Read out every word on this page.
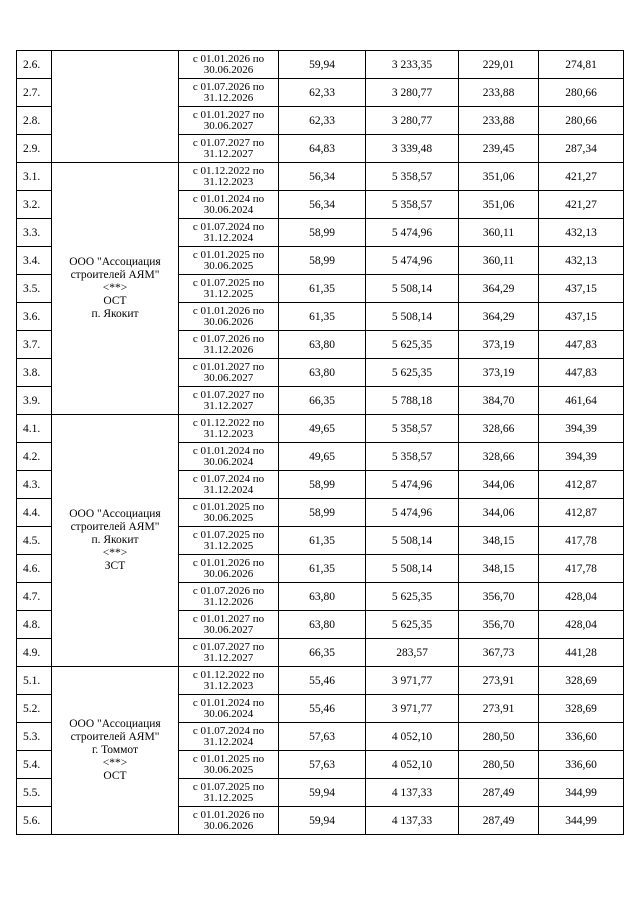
2.6.		с 01.01.2026 по
30.06.2026	59,94	3 233,35	229,01	274,81
2.7.		с 01.07.2026 по
31.12.2026	62,33	3 280,77	233,88	280,66
2.8.		с 01.01.2027 по
30.06.2027	62,33	3 280,77	233,88	280,66
2.9.		с 01.07.2027 по
31.12.2027	64,83	3 339,48	239,45	287,34
3.1.	ООО "Ассоциация
строителей АЯМ"
<**>
ОСТ
п. Якокит	с 01.12.2022 по
31.12.2023	56,34	5 358,57	351,06	421,27
3.2.		с 01.01.2024 по
30.06.2024	56,34	5 358,57	351,06	421,27
3.3.		с 01.07.2024 по
31.12.2024	58,99	5 474,96	360,11	432,13
3.4.		с 01.01.2025 по
30.06.2025	58,99	5 474,96	360,11	432,13
3.5.		с 01.07.2025 по
31.12.2025	61,35	5 508,14	364,29	437,15
3.6.		с 01.01.2026 по
30.06.2026	61,35	5 508,14	364,29	437,15
3.7.		с 01.07.2026 по
31.12.2026	63,80	5 625,35	373,19	447,83
3.8.		с 01.01.2027 по
30.06.2027	63,80	5 625,35	373,19	447,83
3.9.		с 01.07.2027 по
31.12.2027	66,35	5 788,18	384,70	461,64
4.1.	ООО "Ассоциация
строителей АЯМ"
п. Якокит
<**>
ЗСТ	с 01.12.2022 по
31.12.2023	49,65	5 358,57	328,66	394,39
4.2.		с 01.01.2024 по
30.06.2024	49,65	5 358,57	328,66	394,39
4.3.		с 01.07.2024 по
31.12.2024	58,99	5 474,96	344,06	412,87
4.4.		с 01.01.2025 по
30.06.2025	58,99	5 474,96	344,06	412,87
4.5.		с 01.07.2025 по
31.12.2025	61,35	5 508,14	348,15	417,78
4.6.		с 01.01.2026 по
30.06.2026	61,35	5 508,14	348,15	417,78
4.7.		с 01.07.2026 по
31.12.2026	63,80	5 625,35	356,70	428,04
4.8.		с 01.01.2027 по
30.06.2027	63,80	5 625,35	356,70	428,04
4.9.		с 01.07.2027 по
31.12.2027	66,35	283,57	367,73	441,28
5.1.	ООО "Ассоциация
строителей АЯМ"
г. Томмот
<**>
ОСТ	с 01.12.2022 по
31.12.2023	55,46	3 971,77	273,91	328,69
5.2.		с 01.01.2024 по
30.06.2024	55,46	3 971,77	273,91	328,69
5.3.		с 01.07.2024 по
31.12.2024	57,63	4 052,10	280,50	336,60
5.4.		с 01.01.2025 по
30.06.2025	57,63	4 052,10	280,50	336,60
5.5.		с 01.07.2025 по
31.12.2025	59,94	4 137,33	287,49	344,99
5.6.		с 01.01.2026 по
30.06.2026	59,94	4 137,33	287,49	344,99
